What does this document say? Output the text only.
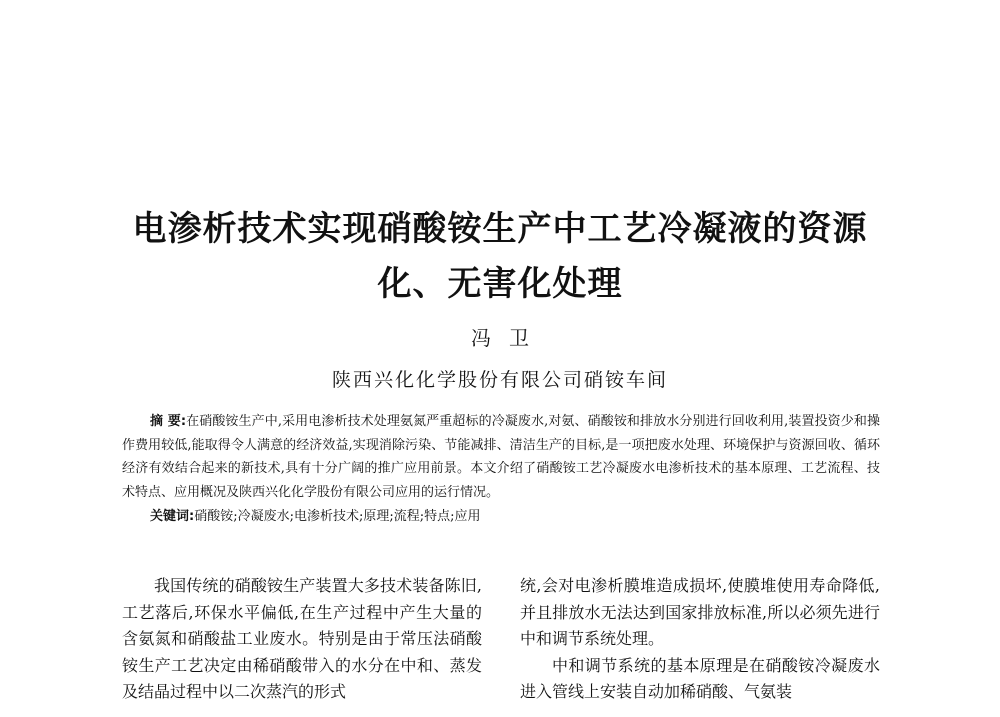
电渗析技术实现硝酸铵生产中工艺冷凝液的资源
化、无害化处理
冯卫
陕西兴化化学股份有限公司硝铵车间
摘 要:在硝酸铵生产中,采用电渗析技术处理氨氮严重超标的冷凝废水,对氨、硝酸铵和排放水分别进行回收利用,装置投资少和操作费用较低,能取得令人满意的经济效益,实现消除污染、节能减排、清洁生产的目标,是一项把废水处理、环境保护与资源回收、循环经济有效结合起来的新技术,具有十分广阔的推广应用前景。本文介绍了硝酸铵工艺冷凝废水电渗析技术的基本原理、工艺流程、技术特点、应用概况及陕西兴化化学股份有限公司应用的运行情况。
关键词:硝酸铵;冷凝废水;电渗析技术;原理;流程;特点;应用

我国传统的硝酸铵生产装置大多技术装备陈旧,工艺落后,环保水平偏低,在生产过程中产生大量的含氨氮和硝酸盐工业废水。特别是由于常压法硝酸铵生产工艺决定由稀硝酸带入的水分在中和、蒸发及结晶过程中以二次蒸汽的形式

统,会对电渗析膜堆造成损坏,使膜堆使用寿命降低,并且排放水无法达到国家排放标准,所以必须先进行中和调节系统处理。

中和调节系统的基本原理是在硝酸铵冷凝废水进入管线上安装自动加稀硝酸、气氨装
